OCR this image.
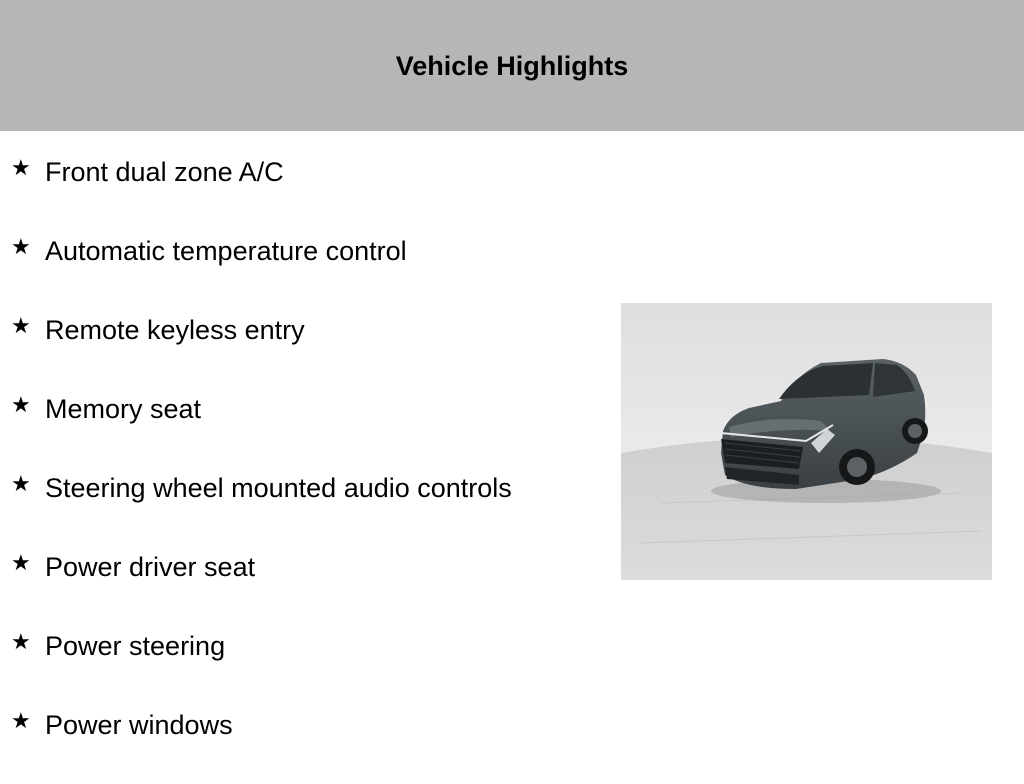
Vehicle Highlights
★ Front dual zone A/C
★ Automatic temperature control
★ Remote keyless entry
★ Memory seat
★ Steering wheel mounted audio controls
★ Power driver seat
★ Power steering
★ Power windows
